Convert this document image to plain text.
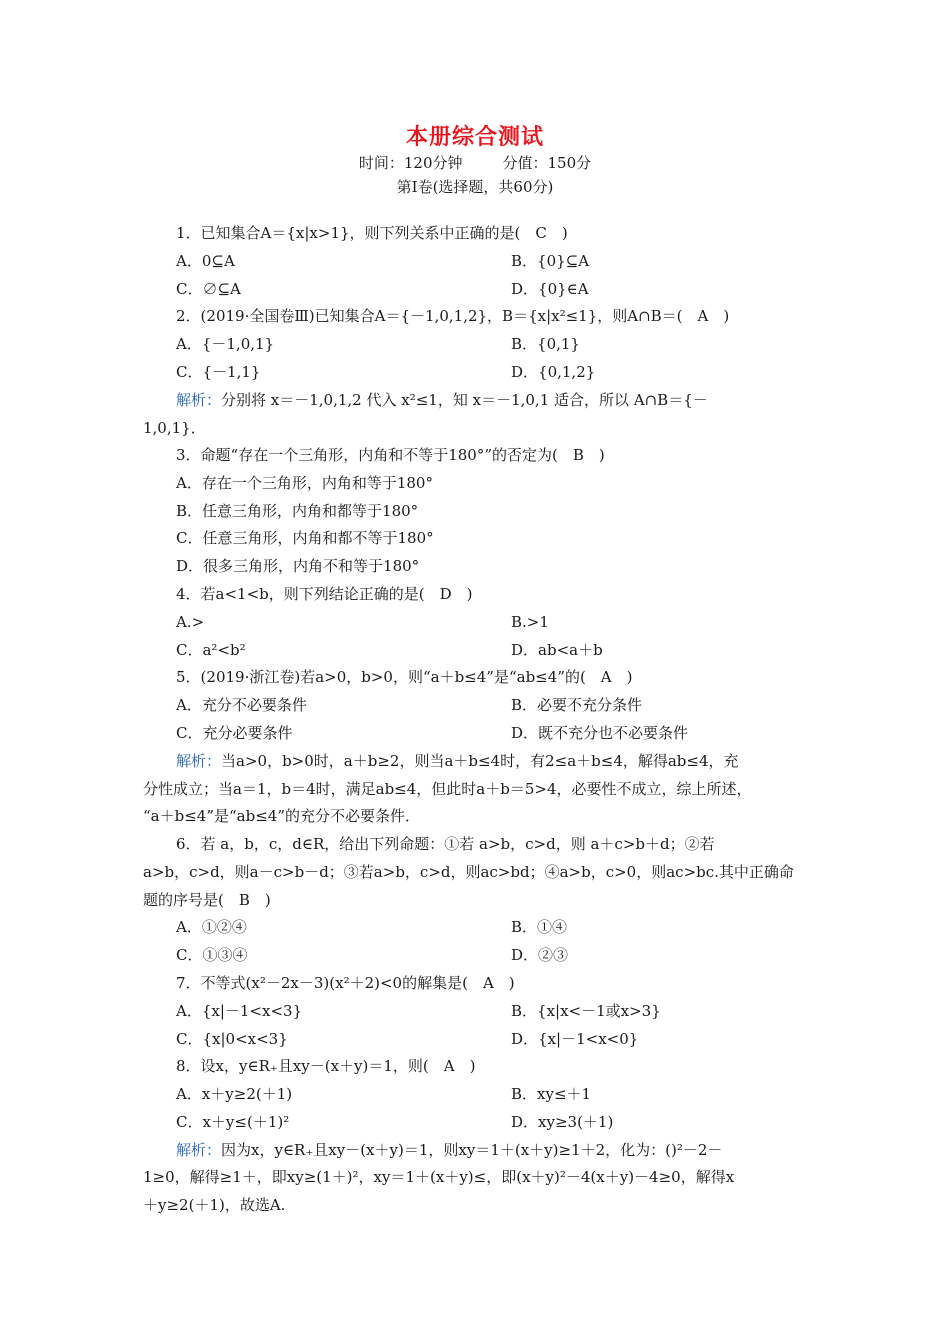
本册综合测试
时间：120分钟	分值：150分
第Ⅰ卷(选择题，共60分)
1．已知集合A＝{x|x>1}，则下列关系中正确的是(　C　)
A．0⊆A	B．{0}⊆A
C．∅⊆A	D．{0}∈A
2．(2019·全国卷Ⅲ)已知集合A＝{－1,0,1,2}，B＝{x|x²≤1}，则A∩B＝(　A　)
A．{－1,0,1}	B．{0,1}
C．{－1,1}	D．{0,1,2}
解析：分别将 x＝－1,0,1,2 代入 x²≤1，知 x＝－1,0,1 适合，所以 A∩B＝{－
1,0,1}．
3．命题“存在一个三角形，内角和不等于180°”的否定为(　B　)
A．存在一个三角形，内角和等于180°
B．任意三角形，内角和都等于180°
C．任意三角形，内角和都不等于180°
D．很多三角形，内角不和等于180°
4．若a<1<b，则下列结论正确的是(　D　)
A.>	B.>1
C．a²<b²	D．ab<a＋b
5．(2019·浙江卷)若a>0，b>0，则“a＋b≤4”是“ab≤4”的(　A　)
A．充分不必要条件	B．必要不充分条件
C．充分必要条件	D．既不充分也不必要条件
解析：当a>0，b>0时，a＋b≥2，则当a＋b≤4时，有2≤a＋b≤4，解得ab≤4，充
分性成立；当a＝1，b＝4时，满足ab≤4，但此时a＋b＝5>4，必要性不成立，综上所述，
“a＋b≤4”是“ab≤4”的充分不必要条件．
6．若 a，b，c，d∈R，给出下列命题：①若 a>b，c>d，则 a＋c>b＋d；②若
a>b，c>d，则a－c>b－d；③若a>b，c>d，则ac>bd；④a>b，c>0，则ac>bc.其中正确命
题的序号是(　B　)
A．①②④	B．①④
C．①③④	D．②③
7．不等式(x²－2x－3)(x²＋2)<0的解集是(　A　)
A．{x|－1<x<3}	B．{x|x<－1或x>3}
C．{x|0<x<3}	D．{x|－1<x<0}
8．设x，y∈R₊且xy－(x＋y)＝1，则(　A　)
A．x＋y≥2(＋1)	B．xy≤＋1
C．x＋y≤(＋1)²	D．xy≥3(＋1)
解析：因为x，y∈R₊且xy－(x＋y)＝1，则xy＝1＋(x＋y)≥1＋2，化为：()²－2－
1≥0，解得≥1＋，即xy≥(1＋)²，xy＝1＋(x＋y)≤，即(x＋y)²－4(x＋y)－4≥0，解得x
＋y≥2(＋1)，故选A.
